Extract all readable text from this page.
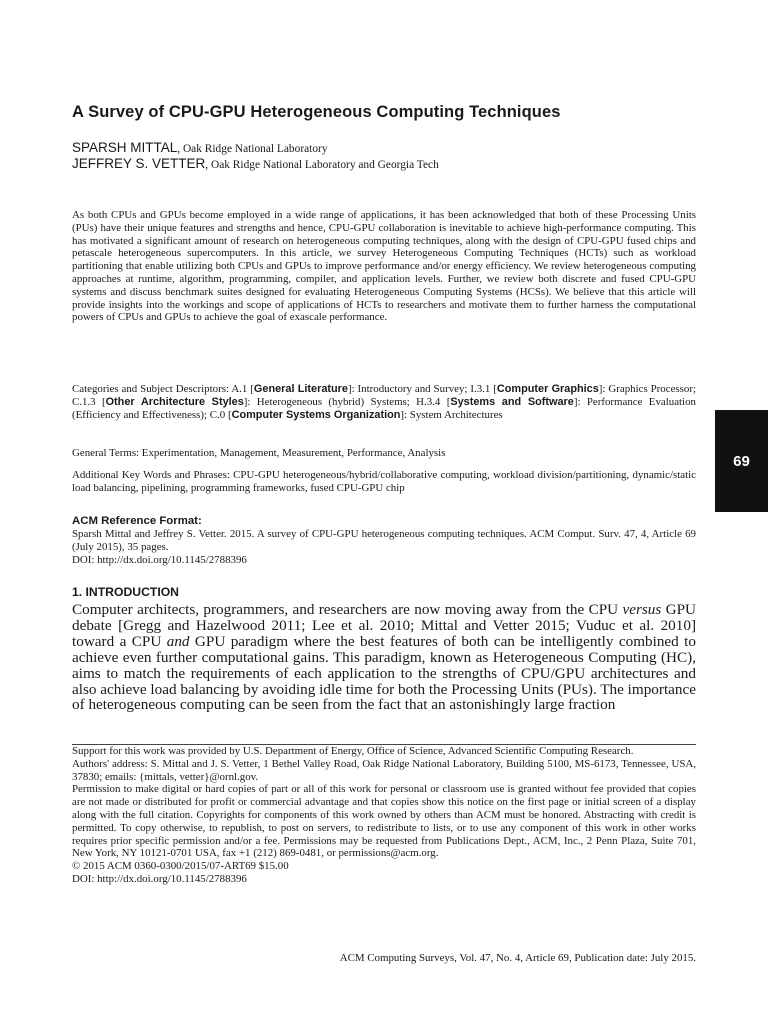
A Survey of CPU-GPU Heterogeneous Computing Techniques
SPARSH MITTAL, Oak Ridge National Laboratory
JEFFREY S. VETTER, Oak Ridge National Laboratory and Georgia Tech
As both CPUs and GPUs become employed in a wide range of applications, it has been acknowledged that both of these Processing Units (PUs) have their unique features and strengths and hence, CPU-GPU collaboration is inevitable to achieve high-performance computing. This has motivated a significant amount of research on heterogeneous computing techniques, along with the design of CPU-GPU fused chips and petascale heterogeneous supercomputers. In this article, we survey Heterogeneous Computing Techniques (HCTs) such as workload partitioning that enable utilizing both CPUs and GPUs to improve performance and/or energy efficiency. We review heterogeneous computing approaches at runtime, algorithm, programming, compiler, and application levels. Further, we review both discrete and fused CPU-GPU systems and discuss benchmark suites designed for evaluating Heterogeneous Computing Systems (HCSs). We believe that this article will provide insights into the workings and scope of applications of HCTs to researchers and motivate them to further harness the computational powers of CPUs and GPUs to achieve the goal of exascale performance.
Categories and Subject Descriptors: A.1 [General Literature]: Introductory and Survey; I.3.1 [Computer Graphics]: Graphics Processor; C.1.3 [Other Architecture Styles]: Heterogeneous (hybrid) Systems; H.3.4 [Systems and Software]: Performance Evaluation (Efficiency and Effectiveness); C.0 [Computer Systems Organization]: System Architectures
General Terms: Experimentation, Management, Measurement, Performance, Analysis
Additional Key Words and Phrases: CPU-GPU heterogeneous/hybrid/collaborative computing, workload division/partitioning, dynamic/static load balancing, pipelining, programming frameworks, fused CPU-GPU chip
ACM Reference Format:
Sparsh Mittal and Jeffrey S. Vetter. 2015. A survey of CPU-GPU heterogeneous computing techniques. ACM Comput. Surv. 47, 4, Article 69 (July 2015), 35 pages.
DOI: http://dx.doi.org/10.1145/2788396
69
1. INTRODUCTION
Computer architects, programmers, and researchers are now moving away from the CPU versus GPU debate [Gregg and Hazelwood 2011; Lee et al. 2010; Mittal and Vetter 2015; Vuduc et al. 2010] toward a CPU and GPU paradigm where the best features of both can be intelligently combined to achieve even further computational gains. This paradigm, known as Heterogeneous Computing (HC), aims to match the requirements of each application to the strengths of CPU/GPU architectures and also achieve load balancing by avoiding idle time for both the Processing Units (PUs). The importance of heterogeneous computing can be seen from the fact that an astonishingly large fraction
Support for this work was provided by U.S. Department of Energy, Office of Science, Advanced Scientific Computing Research.
Authors' address: S. Mittal and J. S. Vetter, 1 Bethel Valley Road, Oak Ridge National Laboratory, Building 5100, MS-6173, Tennessee, USA, 37830; emails: {mittals, vetter}@ornl.gov.
Permission to make digital or hard copies of part or all of this work for personal or classroom use is granted without fee provided that copies are not made or distributed for profit or commercial advantage and that copies show this notice on the first page or initial screen of a display along with the full citation. Copyrights for components of this work owned by others than ACM must be honored. Abstracting with credit is permitted. To copy otherwise, to republish, to post on servers, to redistribute to lists, or to use any component of this work in other works requires prior specific permission and/or a fee. Permissions may be requested from Publications Dept., ACM, Inc., 2 Penn Plaza, Suite 701, New York, NY 10121-0701 USA, fax +1 (212) 869-0481, or permissions@acm.org.
© 2015 ACM 0360-0300/2015/07-ART69 $15.00
DOI: http://dx.doi.org/10.1145/2788396
ACM Computing Surveys, Vol. 47, No. 4, Article 69, Publication date: July 2015.
